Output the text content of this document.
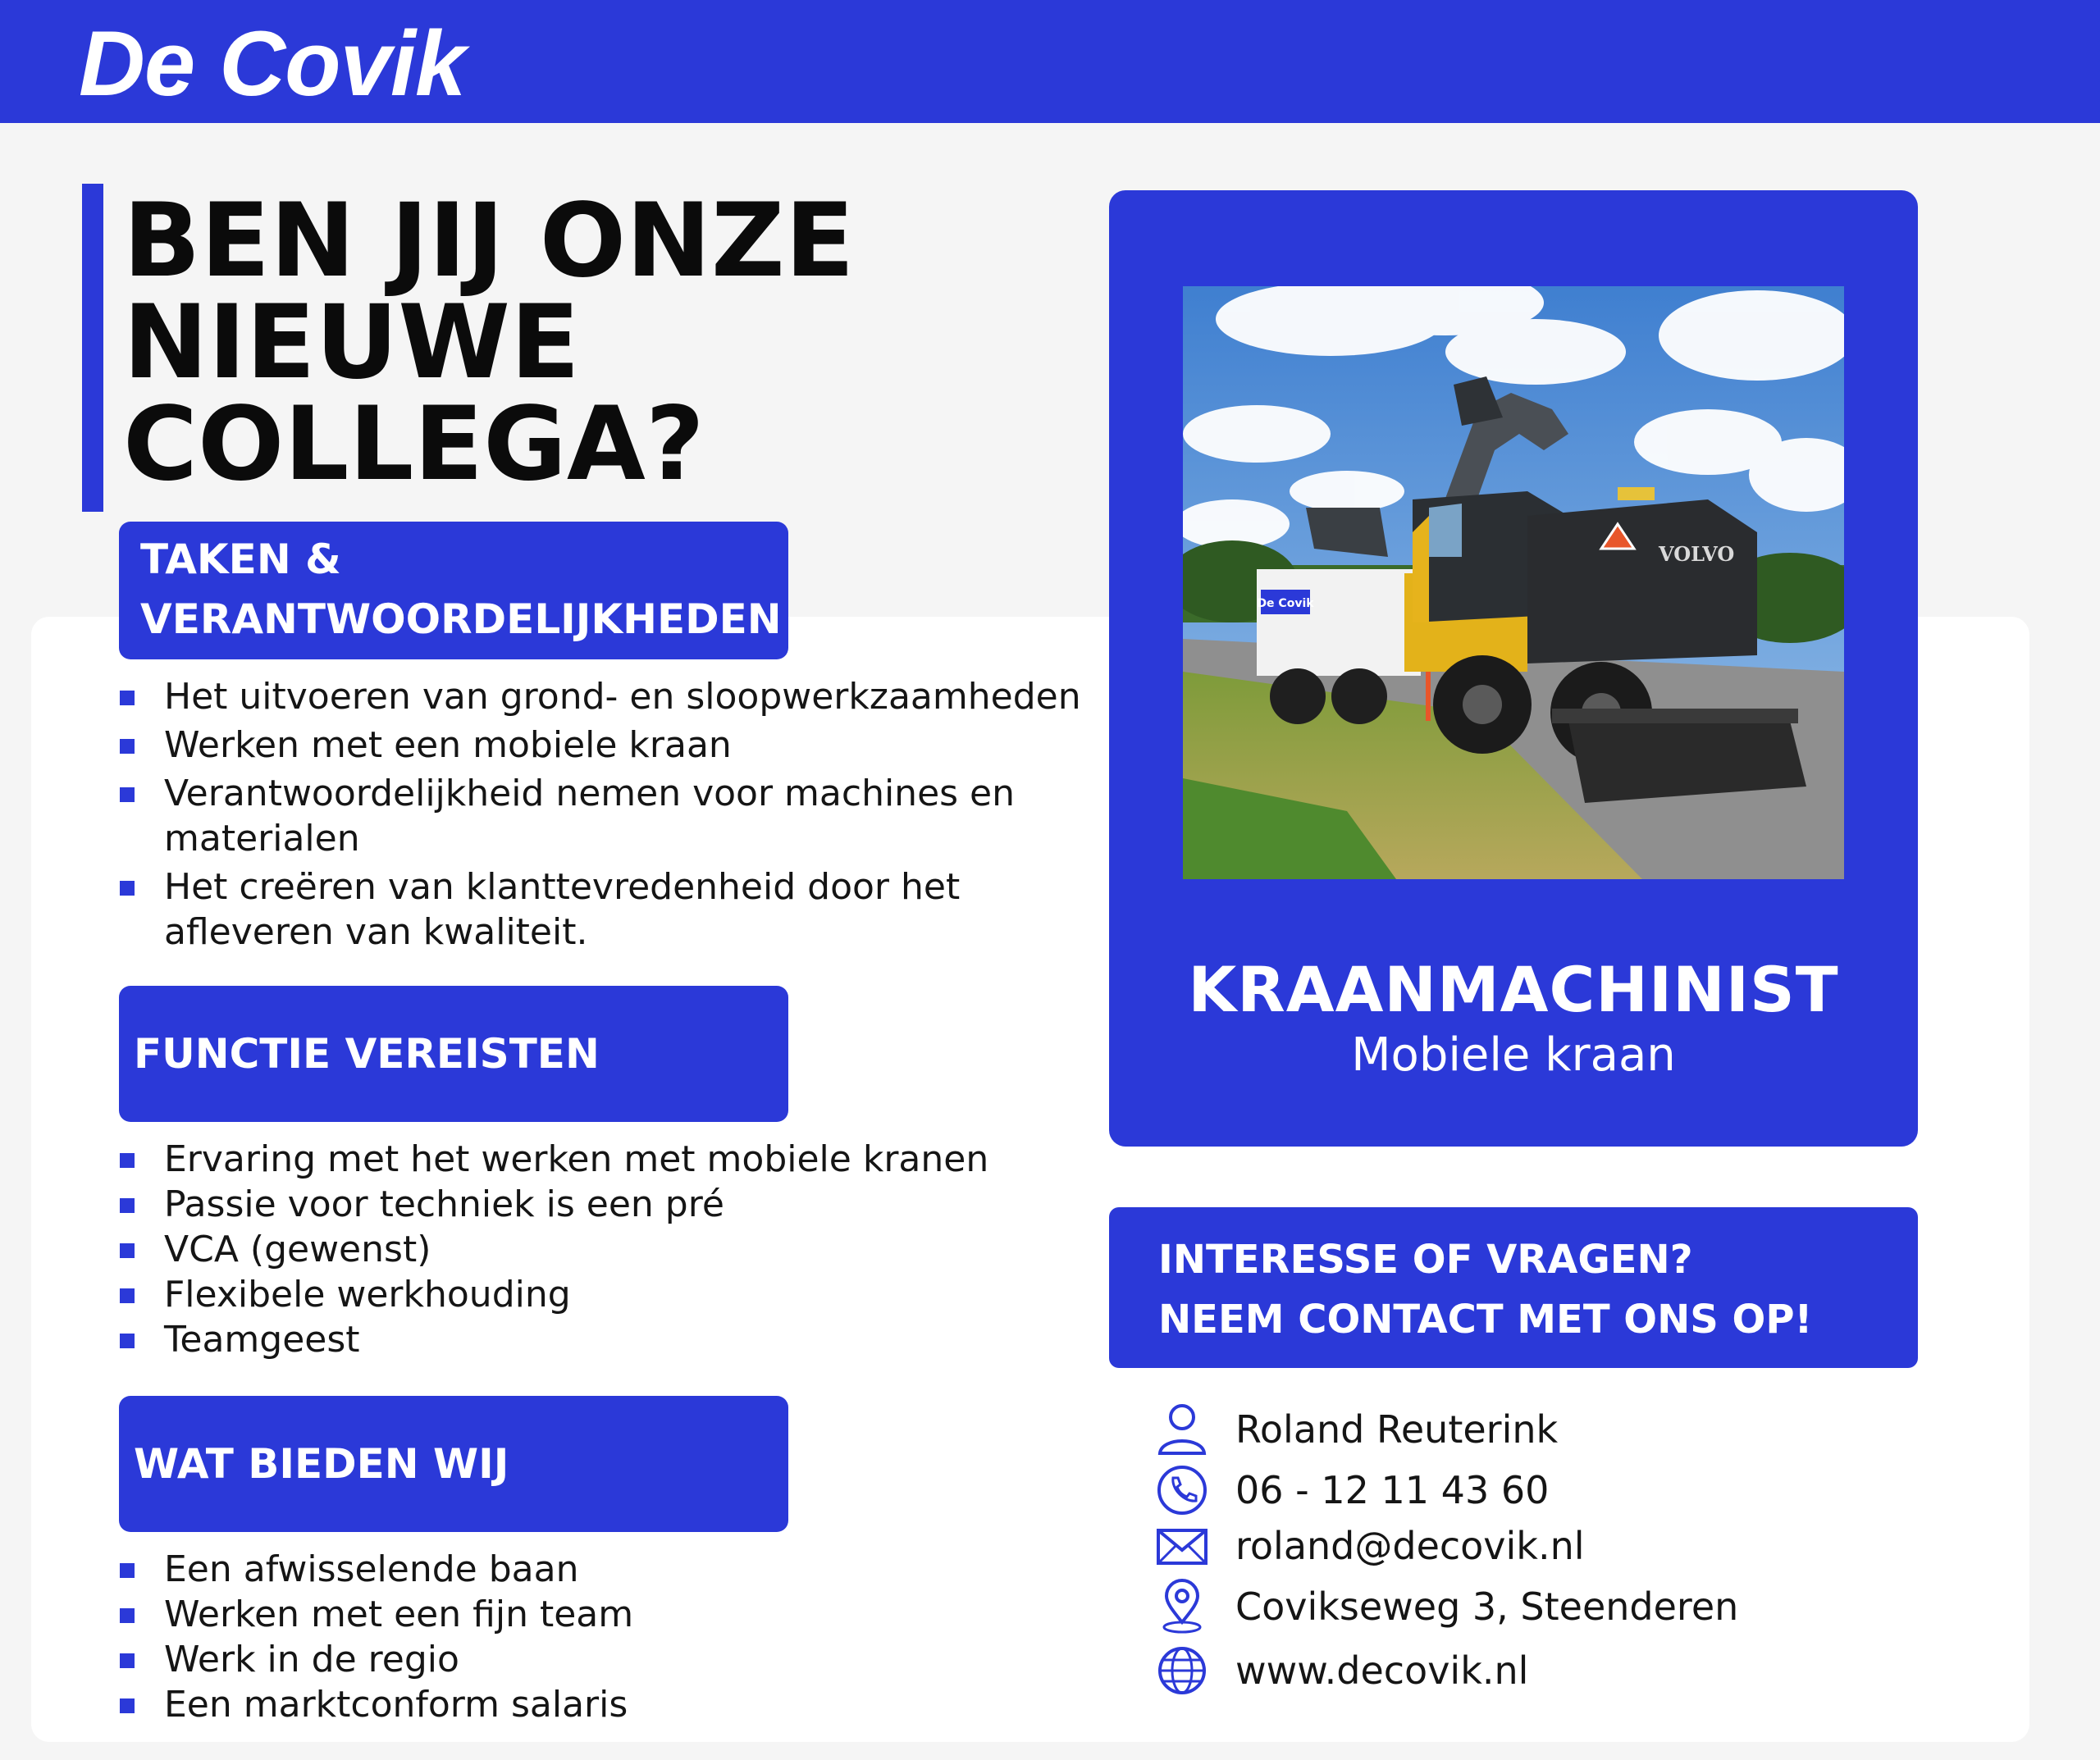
De Covik
BEN JIJ ONZE
NIEUWE
COLLEGA?
TAKEN &
VERANTWOORDELIJKHEDEN
Het uitvoeren van grond- en sloopwerkzaamheden
Werken met een mobiele kraan
Verantwoordelijkheid nemen voor machines en materialen
Het creëren van klanttevredenheid door het afleveren van kwaliteit.
FUNCTIE VEREISTEN
Ervaring met het werken met mobiele kranen
Passie voor techniek is een pré
VCA (gewenst)
Flexibele werkhouding
Teamgeest
WAT BIEDEN WIJ
Een afwisselende baan
Werken met een fijn team
Werk in de regio
Een marktconform salaris
De Covik
VOLVO
KRAANMACHINIST
Mobiele kraan
INTERESSE OF VRAGEN?
NEEM CONTACT MET ONS OP!
Roland Reuterink
06 - 12 11 43 60
roland@decovik.nl
Covikseweg 3, Steenderen
www.decovik.nl
